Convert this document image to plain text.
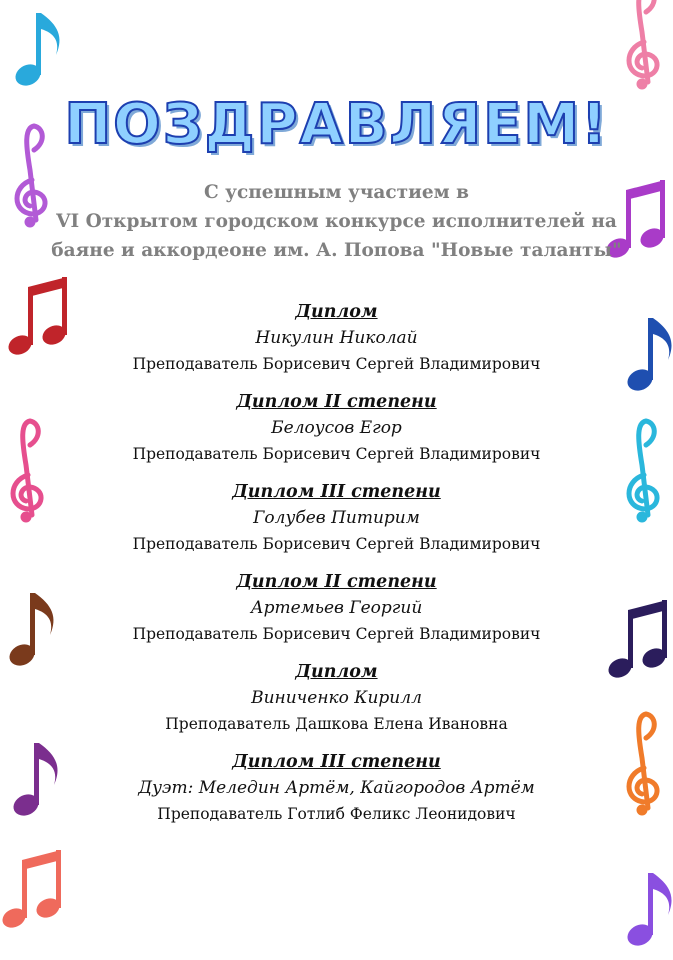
ПОЗДРАВЛЯЕМ!
С успешным участием в
VI Открытом городском конкурсе исполнителей на
баяне и аккордеоне им. А. Попова "Новые таланты"
Диплом
Никулин Николай
Преподаватель Борисевич Сергей Владимирович
Диплом II степени
Белоусов Егор
Преподаватель Борисевич Сергей Владимирович
Диплом III степени
Голубев Питирим
Преподаватель Борисевич Сергей Владимирович
Диплом II степени
Артемьев Георгий
Преподаватель Борисевич Сергей Владимирович
Диплом
Виниченко Кирилл
Преподаватель Дашкова Елена Ивановна
Диплом III степени
Дуэт: Меледин Артём, Кайгородов Артём
Преподаватель Готлиб Феликс Леонидович
